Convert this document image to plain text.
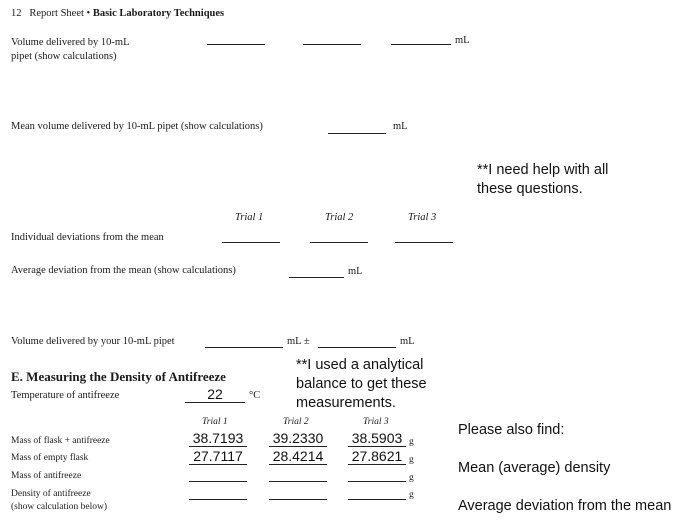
12 Report Sheet • Basic Laboratory Techniques
Volume delivered by 10-mL
pipet (show calculations)
mL
Mean volume delivered by 10-mL pipet (show calculations)	mL
**I need help with all
these questions.
Trial 1	Trial 2	Trial 3
Individual deviations from the mean
Average deviation from the mean (show calculations)	mL
Volume delivered by your 10-mL pipet	mL ±	mL
**I used a analytical
balance to get these
measurements.
E. Measuring the Density of Antifreeze
Temperature of antifreeze	22	°C
Trial 1	Trial 2	Trial 3
Mass of flask + antifreeze	38.7193 39.2330 38.5903 g
Mass of empty flask	27.7117	28.4214 27.8621 g
Mass of antifreeze	g
Density of antifreeze
(show calculation below)
g
Please also find:
Mean (average) density
Average deviation from the mean
